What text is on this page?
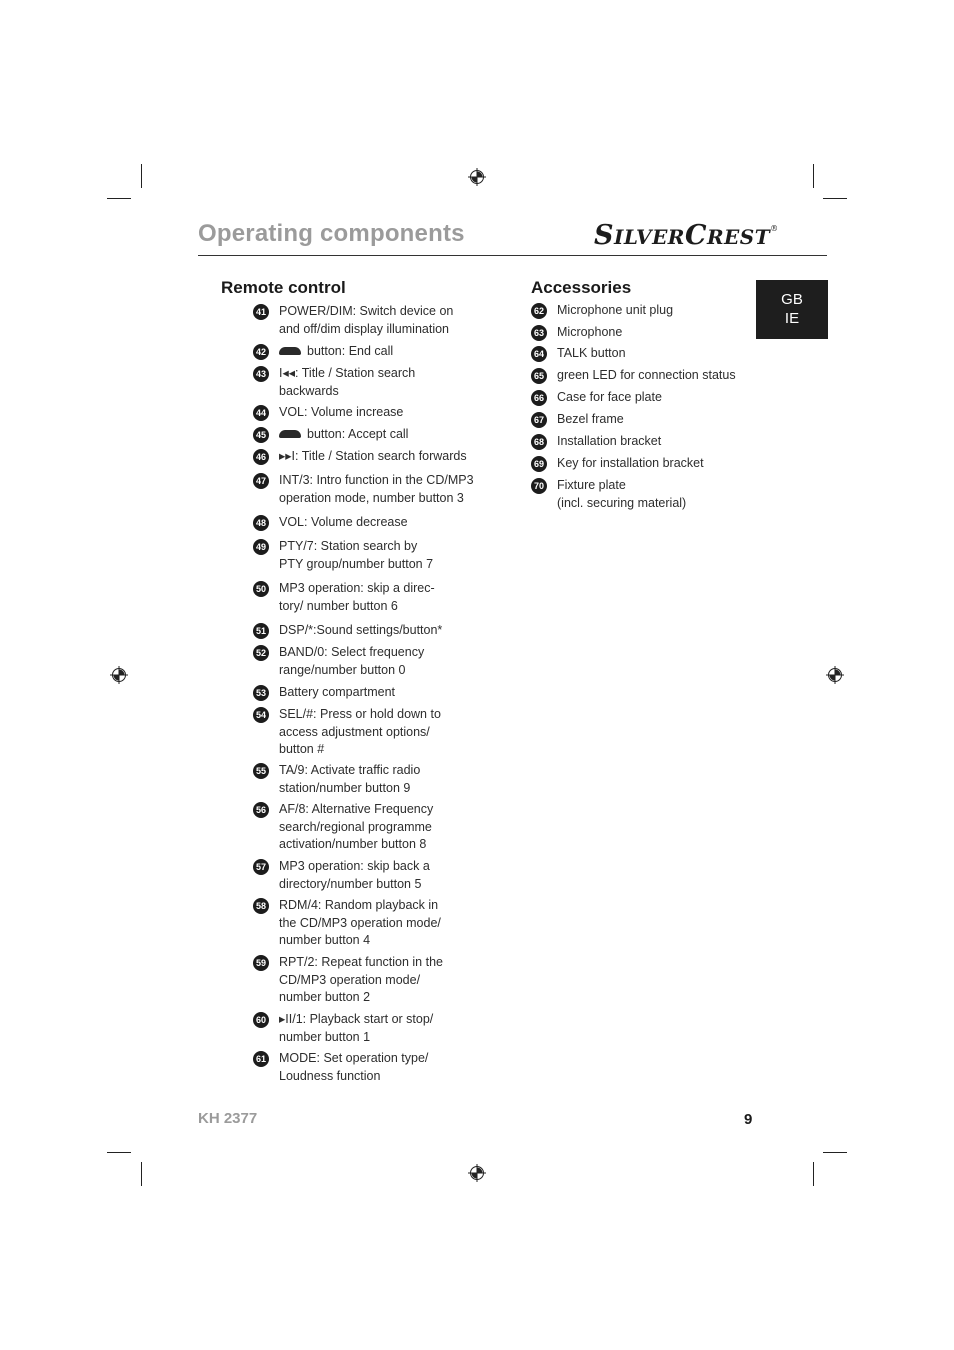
Operating components	SILVERCREST®
GB
IE
Remote control
41 POWER/DIM: Switch device on
and off/dim display illumination
42	button: End call
43 I◂◂: Title / Station search
backwards
44 VOL: Volume increase
45	button: Accept call
46 ▸▸I: Title / Station search forwards
47 INT/3: Intro function in the CD/MP3
operation mode, number button 3
48 VOL: Volume decrease
49 PTY/7: Station search by
PTY group/number button 7
50 MP3 operation: skip a direc-
tory/ number button 6
51 DSP/*:Sound settings/button*
52 BAND/0: Select frequency
range/number button 0
53 Battery compartment
54 SEL/#: Press or hold down to
access adjustment options/
button #
55 TA/9: Activate traffic radio
station/number button 9
56 AF/8: Alternative Frequency
search/regional programme
activation/number button 8
57 MP3 operation: skip back a
directory/number button 5
58 RDM/4: Random playback in
the CD/MP3 operation mode/
number button 4
59 RPT/2: Repeat function in the
CD/MP3 operation mode/
number button 2
60 ▸II/1: Playback start or stop/
number button 1
61 MODE: Set operation type/
Loudness function
Accessories
62 Microphone unit plug
63 Microphone
64 TALK button
65 green LED for connection status
66 Case for face plate
67 Bezel frame
68 Installation bracket
69 Key for installation bracket
70 Fixture plate
(incl. securing material)
KH 2377	9
